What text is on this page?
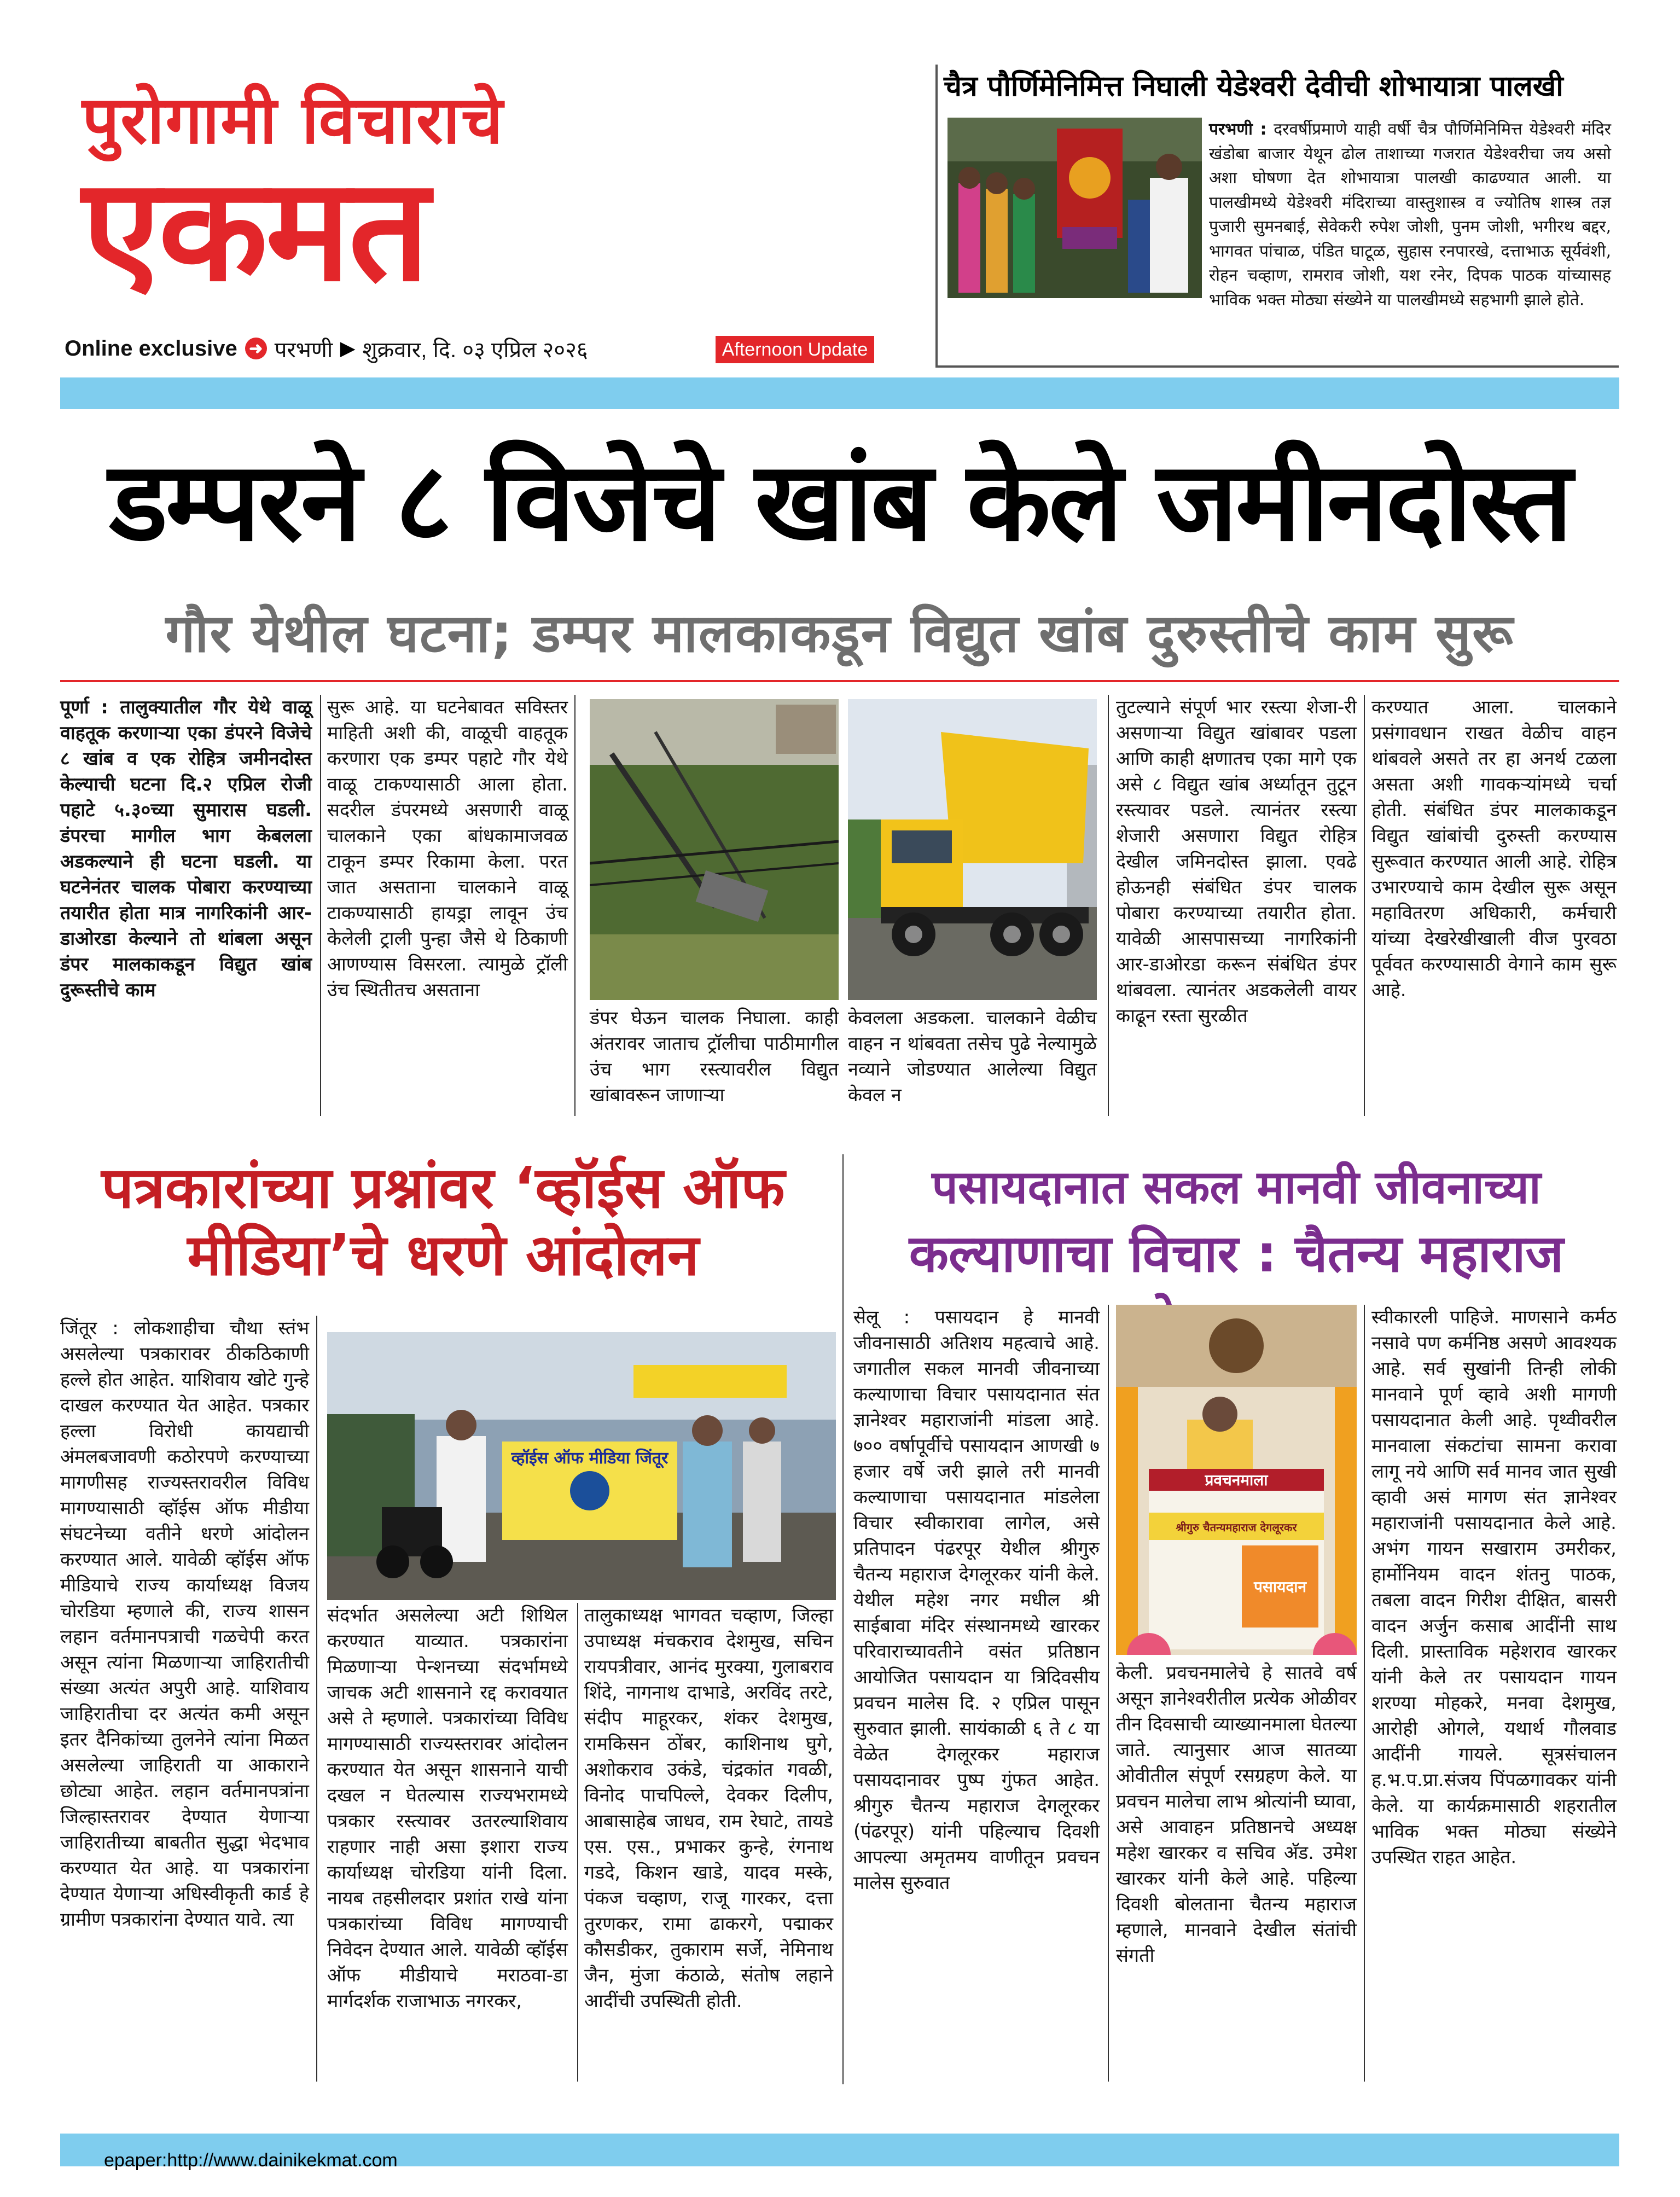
पुरोगामी विचाराचे
एकमत
Online exclusive ➜ परभणी ▶ शुक्रवार, दि. ०३ एप्रिल २०२६	Afternoon Update
चैत्र पौर्णिमेनिमित्त निघाली येडेश्वरी देवीची शोभायात्रा पालखी
परभणी : दरवर्षीप्रमाणे याही वर्षी चैत्र पौर्णिमेनिमित्त येडेश्वरी मंदिर खंडोबा बाजार येथून ढोल ताशाच्या गजरात येडेश्वरीचा जय असो अशा घोषणा देत शोभायात्रा पालखी काढण्यात आली. या पालखीमध्ये येडेश्वरी मंदिराच्या वास्तुशास्त्र व ज्योतिष शास्त्र तज्ञ पुजारी सुमनबाई, सेवेकरी रुपेश जोशी, पुनम जोशी, भगीरथ बद्दर, भागवत पांचाळ, पंडित घाटूळ, सुहास रनपारखे, दत्ताभाऊ सूर्यवंशी, रोहन चव्हाण, रामराव जोशी, यश रनेर, दिपक पाठक यांच्यासह भाविक भक्त मोठ्या संख्येने या पालखीमध्ये सहभागी झाले होते.
डम्परने ८ विजेचे खांब केले जमीनदोस्त
गौर येथील घटना; डम्पर मालकाकडून विद्युत खांब दुरुस्तीचे काम सुरू
पूर्णा : तालुक्यातील गौर येथे वाळू वाहतूक करणाऱ्या एका डंपरने विजेचे ८ खांब व एक रोहित्र जमीनदोस्त केल्याची घटना दि.२ एप्रिल रोजी पहाटे ५.३०च्या सुमारास घडली. डंपरचा मागील भाग केबलला अडकल्याने ही घटना घडली. या घटनेनंतर चालक पोबारा करण्याच्या तयारीत होता मात्र नागरिकांनी आर-डाओरडा केल्याने तो थांबला असून डंपर मालकाकडून विद्युत खांब दुरूस्तीचे काम
सुरू आहे. या घटनेबावत सविस्तर माहिती अशी की, वाळूची वाहतूक करणारा एक डम्पर पहाटे गौर येथे वाळू टाकण्यासाठी आला होता. सदरील डंपरमध्ये असणारी वाळू चालकाने एका बांधकामाजवळ टाकून डम्पर रिकामा केला. परत जात असताना चालकाने वाळू टाकण्यासाठी हायड्रा लावून उंच केलेली ट्राली पुन्हा जैसे थे ठिकाणी आणण्यास विसरला. त्यामुळे ट्रॉली उंच स्थितीतच असताना
डंपर घेऊन चालक निघाला. काही अंतरावर जाताच ट्रॉलीचा पाठीमागील उंच भाग रस्त्यावरील विद्युत खांबावरून जाणाऱ्या
केवलला अडकला. चालकाने वेळीच वाहन न थांबवता तसेच पुढे नेल्यामुळे नव्याने जोडण्यात आलेल्या विद्युत केवल न
तुटल्याने संपूर्ण भार रस्त्या शेजा-री असणाऱ्या विद्युत खांबावर पडला आणि काही क्षणातच एका मागे एक असे ८ विद्युत खांब अर्ध्यातून तुटून रस्त्यावर पडले. त्यानंतर रस्त्या शेजारी असणारा विद्युत रोहित्र देखील जमिनदोस्त झाला. एवढे होऊनही संबंधित डंपर चालक पोबारा करण्याच्या तयारीत होता. यावेळी आसपासच्या नागरिकांनी आर-डाओरडा करून संबंधित डंपर थांबवला. त्यानंतर अडकलेली वायर काढून रस्ता सुरळीत
करण्यात आला. चालकाने प्रसंगावधान राखत वेळीच वाहन थांबवले असते तर हा अनर्थ टळला असता अशी गावकऱ्यांमध्ये चर्चा होती. संबंधित डंपर मालकाकडून विद्युत खांबांची दुरुस्ती करण्यास सुरूवात करण्यात आली आहे. रोहित्र उभारण्याचे काम देखील सुरू असून महावितरण अधिकारी, कर्मचारी यांच्या देखरेखीखाली वीज पुरवठा पूर्ववत करण्यासाठी वेगाने काम सुरू आहे.
पत्रकारांच्या प्रश्नांवर ‘व्हॉईस ऑफ मीडिया’चे धरणे आंदोलन
जिंतूर : लोकशाहीचा चौथा स्तंभ असलेल्या पत्रकारावर ठीकठिकाणी हल्ले होत आहेत. याशिवाय खोटे गुन्हे दाखल करण्यात येत आहेत. पत्रकार हल्ला विरोधी कायद्याची अंमलबजावणी कठोरपणे करण्याच्या मागणीसह राज्यस्तरावरील विविध मागण्यासाठी व्हॉईस ऑफ मीडीया संघटनेच्या वतीने धरणे आंदोलन करण्यात आले. यावेळी व्हॉईस ऑफ मीडियाचे राज्य कार्याध्यक्ष विजय चोरडिया म्हणाले की, राज्य शासन लहान वर्तमानपत्राची गळचेपी करत असून त्यांना मिळणाऱ्या जाहिरातीची संख्या अत्यंत अपुरी आहे. याशिवाय जाहिरातीचा दर अत्यंत कमी असून इतर दैनिकांच्या तुलनेने त्यांना मिळत असलेल्या जाहिराती या आकाराने छोट्या आहेत. लहान वर्तमानपत्रांना जिल्हास्तरावर देण्यात येणाऱ्या जाहिरातीच्या बाबतीत सुद्धा भेदभाव करण्यात येत आहे. या पत्रकारांना देण्यात येणाऱ्या अधिस्वीकृती कार्ड हे ग्रामीण पत्रकारांना देण्यात यावे. त्या
व्हॉईस ऑफ मीडिया जिंतूर
संदर्भात असलेल्या अटी शिथिल करण्यात याव्यात. पत्रकारांना मिळणाऱ्या पेन्शनच्या संदर्भामध्ये जाचक अटी शासनाने रद्द करावयात असे ते म्हणाले. पत्रकारांच्या विविध मागण्यासाठी राज्यस्तरावर आंदोलन करण्यात येत असून शासनाने याची दखल न घेतल्यास राज्यभरामध्ये पत्रकार रस्त्यावर उतरल्याशिवाय राहणार नाही असा इशारा राज्य कार्याध्यक्ष चोरडिया यांनी दिला. नायब तहसीलदार प्रशांत राखे यांना पत्रकारांच्या विविध मागण्याची निवेदन देण्यात आले. यावेळी व्हॉईस ऑफ मीडीयाचे मराठवा-डा मार्गदर्शक राजाभाऊ नगरकर,
तालुकाध्यक्ष भागवत चव्हाण, जिल्हा उपाध्यक्ष मंचकराव देशमुख, सचिन रायपत्रीवार, आनंद मुरक्या, गुलाबराव शिंदे, नागनाथ दाभाडे, अरविंद तरटे, संदीप माहूरकर, शंकर देशमुख, रामकिसन ठोंबर, काशिनाथ घुगे, अशोकराव उकंडे, चंद्रकांत गवळी, विनोद पाचपिल्ले, देवकर दिलीप, आबासाहेब जाधव, राम रेघाटे, तायडे एस. एस., प्रभाकर कुन्हे, रंगनाथ गडदे, किशन खाडे, यादव मस्के, पंकज चव्हाण, राजू गारकर, दत्ता तुरणकर, रामा ढाकरगे, पद्माकर कौसडीकर, तुकाराम सर्जे, नेमिनाथ जैन, मुंजा कंठाळे, संतोष लहाने आदींची उपस्थिती होती.
पसायदानात सकल मानवी जीवनाच्या
कल्याणाचा विचार : चैतन्य महाराज
सेलू : पसायदान हे मानवी जीवनासाठी अतिशय महत्वाचे आहे. जगातील सकल मानवी जीवनाच्या कल्याणाचा विचार पसायदानात संत ज्ञानेश्वर महाराजांनी मांडला आहे. ७०० वर्षापूर्वीचे पसायदान आणखी ७ हजार वर्षे जरी झाले तरी मानवी कल्याणाचा पसायदानात मांडलेला विचार स्वीकारावा लागेल, असे प्रतिपादन पंढरपूर येथील श्रीगुरु चैतन्य महाराज देगलूरकर यांनी केले. येथील महेश नगर मधील श्री साईबावा मंदिर संस्थानमध्ये खारकर परिवाराच्यावतीने वसंत प्रतिष्ठान आयोजित पसायदान या त्रिदिवसीय प्रवचन मालेस दि. २ एप्रिल पासून सुरुवात झाली. सायंकाळी ६ ते ८ या वेळेत देगलूरकर महाराज पसायदानावर पुष्प गुंफत आहेत. श्रीगुरु चैतन्य महाराज देगलूरकर (पंढरपूर) यांनी पहिल्याच दिवशी आपल्या अमृतमय वाणीतून प्रवचन मालेस सुरुवात
प्रवचनमाला
श्रीगुरु चैतन्यमहाराज देगलूरकर
पसायदान
केली. प्रवचनमालेचे हे सातवे वर्ष असून ज्ञानेश्वरीतील प्रत्येक ओळीवर तीन दिवसाची व्याख्यानमाला घेतल्या जाते. त्यानुसार आज सातव्या ओवीतील संपूर्ण रसग्रहण केले. या प्रवचन मालेचा लाभ श्रोत्यांनी घ्यावा, असे आवाहन प्रतिष्ठानचे अध्यक्ष महेश खारकर व सचिव अ‍ॅड. उमेश खारकर यांनी केले आहे. पहिल्या दिवशी बोलताना चैतन्य महाराज म्हणाले, मानवाने देखील संतांची संगती
स्वीकारली पाहिजे. माणसाने कर्मठ नसावे पण कर्मनिष्ठ असणे आवश्यक आहे. सर्व सुखांनी तिन्ही लोकी मानवाने पूर्ण व्हावे अशी मागणी पसायदानात केली आहे. पृथ्वीवरील मानवाला संकटांचा सामना करावा लागू नये आणि सर्व मानव जात सुखी व्हावी असं मागण संत ज्ञानेश्वर महाराजांनी पसायदानात केले आहे. अभंग गायन सखाराम उमरीकर, हार्मोनियम वादन शंतनु पाठक, तबला वादन गिरीश दीक्षित, बासरी वादन अर्जुन कसाब आदींनी साथ दिली. प्रास्ताविक महेशराव खारकर यांनी केले तर पसायदान गायन शरण्या मोहकरे, मनवा देशमुख, आरोही ओगले, यथार्थ गौलवाड आदींनी गायले. सूत्रसंचालन ह.भ.प.प्रा.संजय पिंपळगावकर यांनी केले. या कार्यक्रमासाठी शहरातील भाविक भक्त मोठ्या संख्येने उपस्थित राहत आहेत.
epaper:http://www.dainikekmat.com
